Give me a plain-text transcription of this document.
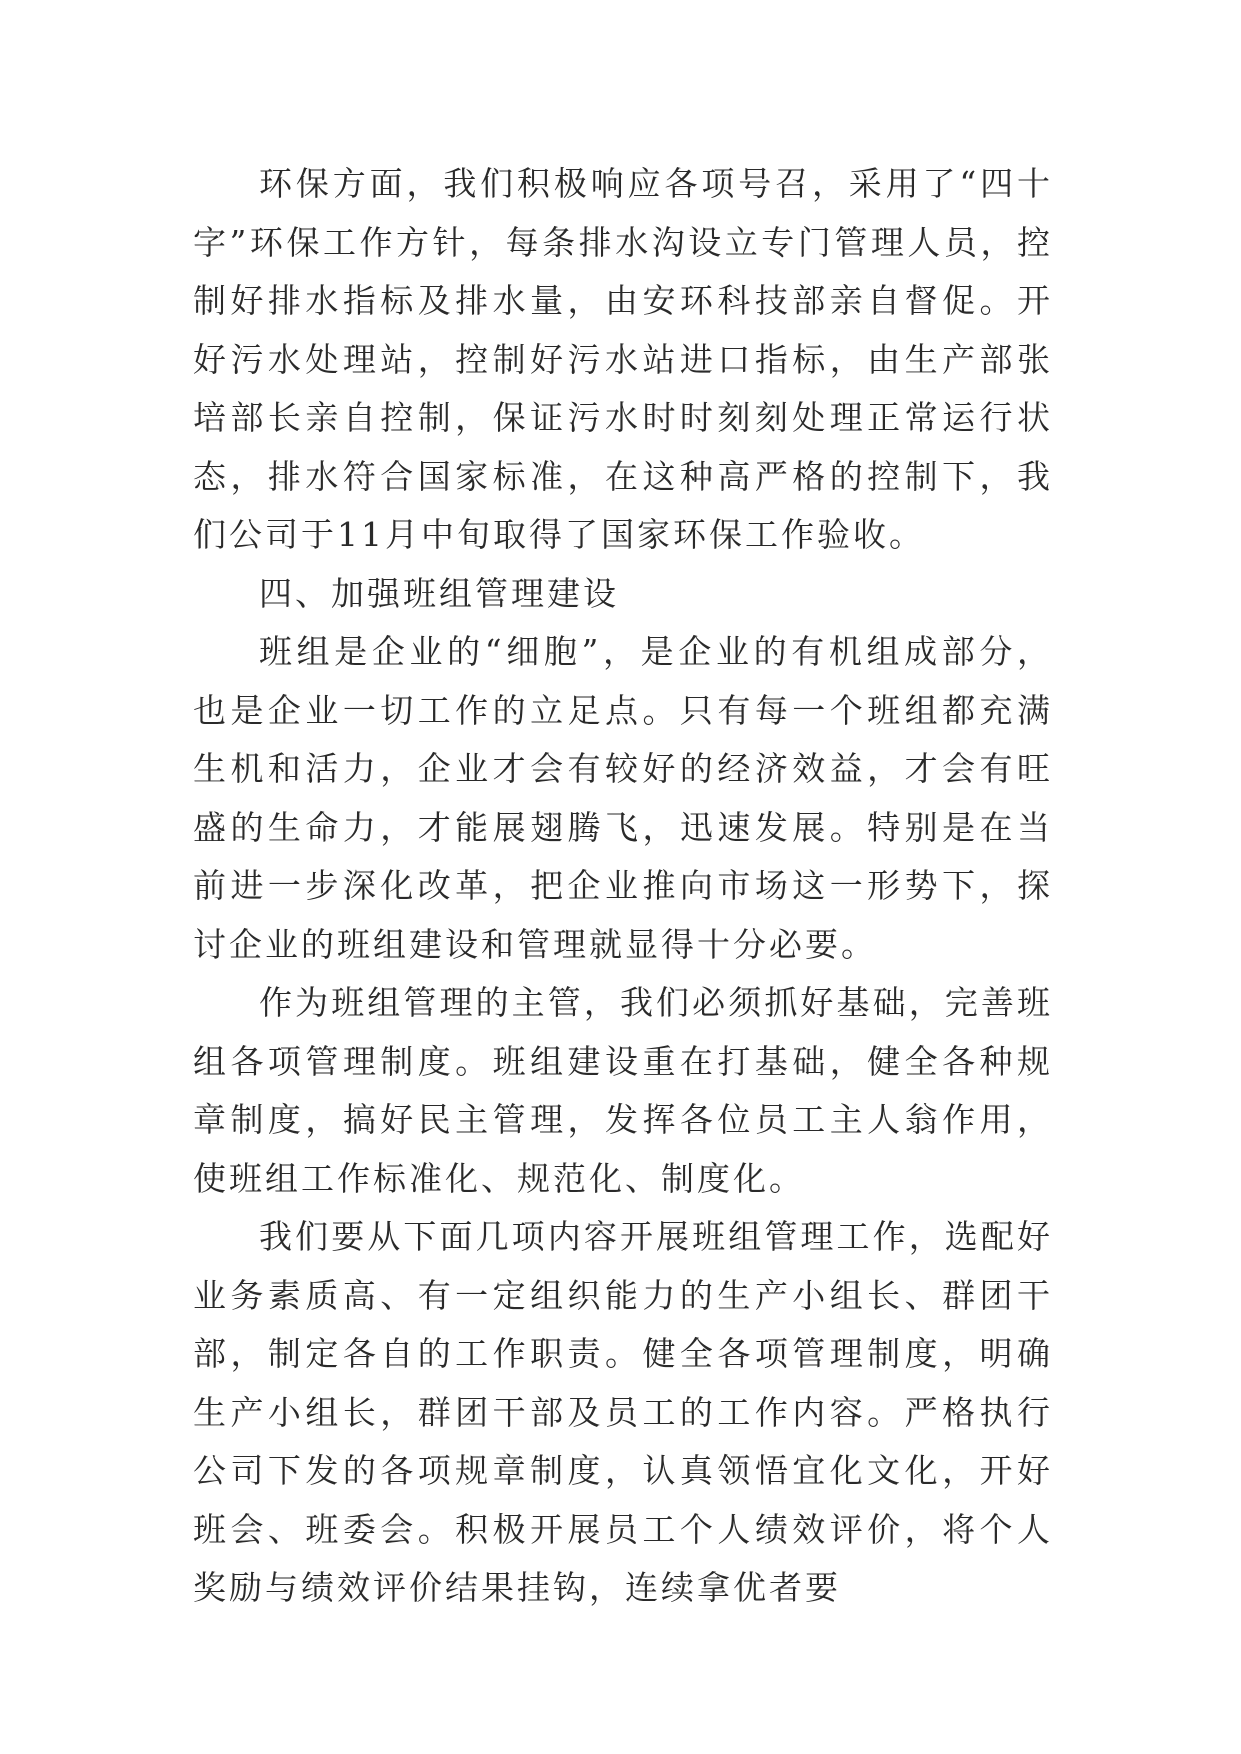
环保方面，我们积极响应各项号召，采用了“四十字”环保工作方针，每条排水沟设立专门管理人员，控制好排水指标及排水量，由安环科技部亲自督促。开好污水处理站，控制好污水站进口指标，由生产部张培部长亲自控制，保证污水时时刻刻处理正常运行状态，排水符合国家标准，在这种高严格的控制下，我们公司于11月中旬取得了国家环保工作验收。

四、加强班组管理建设

班组是企业的“细胞”，是企业的有机组成部分，也是企业一切工作的立足点。只有每一个班组都充满生机和活力，企业才会有较好的经济效益，才会有旺盛的生命力，才能展翅腾飞，迅速发展。特别是在当前进一步深化改革，把企业推向市场这一形势下，探讨企业的班组建设和管理就显得十分必要。

作为班组管理的主管，我们必须抓好基础，完善班组各项管理制度。班组建设重在打基础，健全各种规章制度，搞好民主管理，发挥各位员工主人翁作用，使班组工作标准化、规范化、制度化。

我们要从下面几项内容开展班组管理工作，选配好业务素质高、有一定组织能力的生产小组长、群团干部，制定各自的工作职责。健全各项管理制度，明确生产小组长，群团干部及员工的工作内容。严格执行公司下发的各项规章制度，认真领悟宜化文化，开好班会、班委会。积极开展员工个人绩效评价，将个人奖励与绩效评价结果挂钩，连续拿优者要
